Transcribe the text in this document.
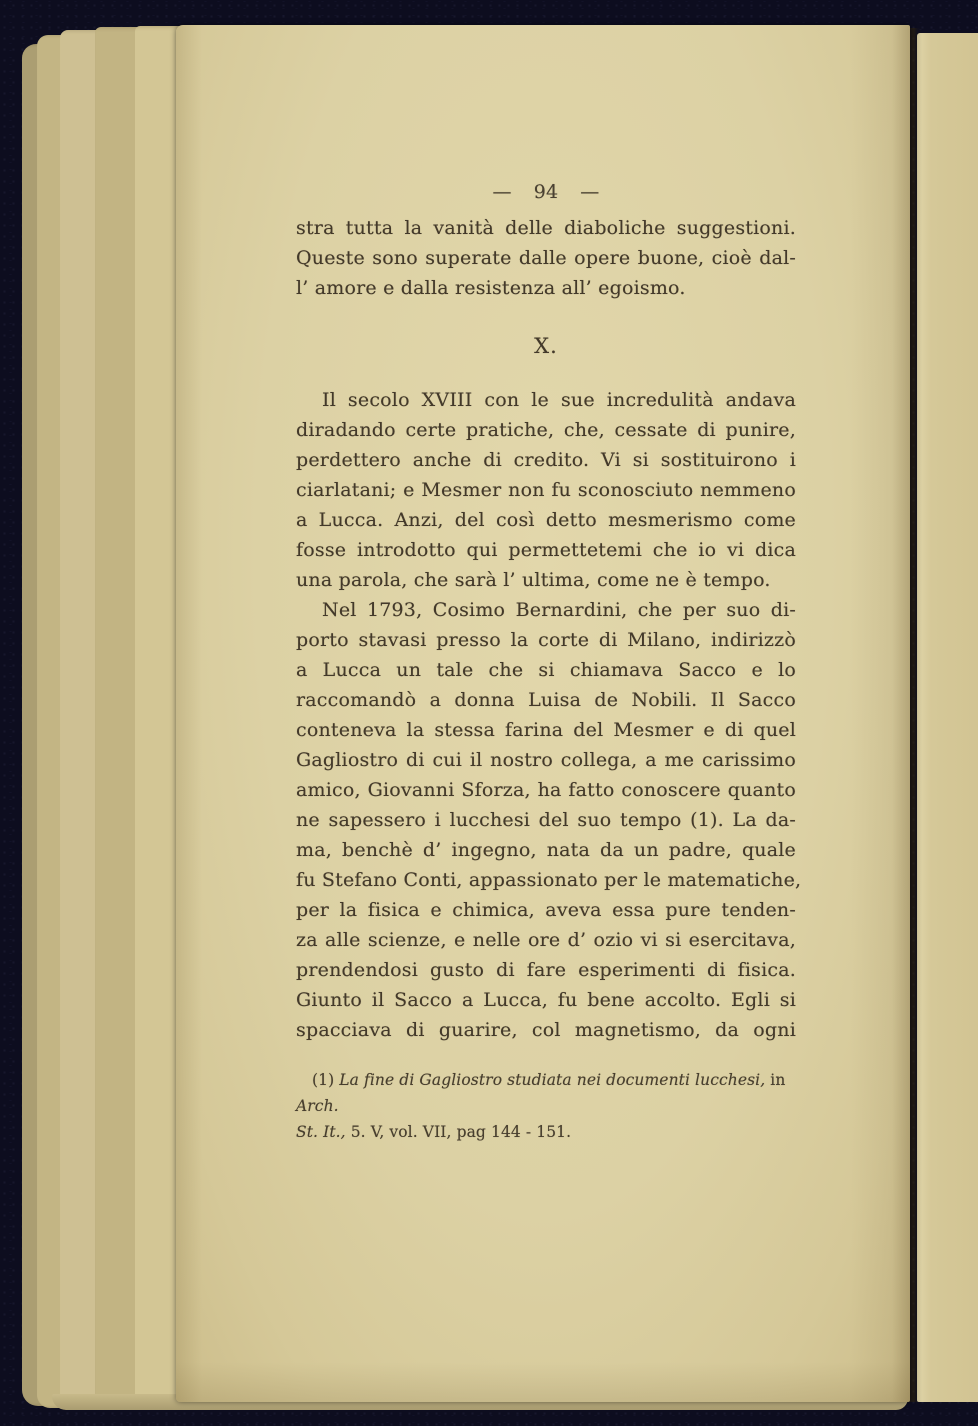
— 94 —
stra tutta la vanità delle diaboliche suggestioni.
Queste sono superate dalle opere buone, cioè dal-
l’ amore e dalla resistenza all’ egoismo.
X.
Il secolo XVIII con le sue incredulità andava
diradando certe pratiche, che, cessate di punire,
perdettero anche di credito. Vi si sostituirono i
ciarlatani; e Mesmer non fu sconosciuto nemmeno
a Lucca. Anzi, del così detto mesmerismo come
fosse introdotto qui permettetemi che io vi dica
una parola, che sarà l’ ultima, come ne è tempo.
Nel 1793, Cosimo Bernardini, che per suo di-
porto stavasi presso la corte di Milano, indirizzò
a Lucca un tale che si chiamava Sacco e lo
raccomandò a donna Luisa de Nobili. Il Sacco
conteneva la stessa farina del Mesmer e di quel
Gagliostro di cui il nostro collega, a me carissimo
amico, Giovanni Sforza, ha fatto conoscere quanto
ne sapessero i lucchesi del suo tempo (1). La da-
ma, benchè d’ ingegno, nata da un padre, quale
fu Stefano Conti, appassionato per le matematiche,
per la fisica e chimica, aveva essa pure tenden-
za alle scienze, e nelle ore d’ ozio vi si esercitava,
prendendosi gusto di fare esperimenti di fisica.
Giunto il Sacco a Lucca, fu bene accolto. Egli si
spacciava di guarire, col magnetismo, da ogni
(1) La fine di Gagliostro studiata nei documenti lucchesi, inArch.
St. It., 5. V, vol. VII, pag 144 - 151.
